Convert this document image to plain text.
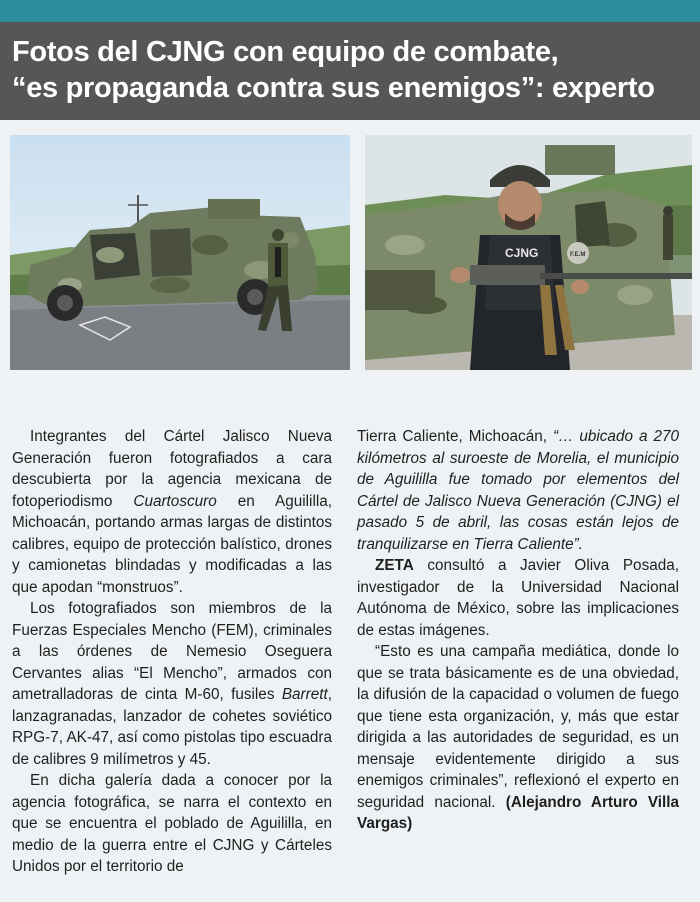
Fotos del CJNG con equipo de combate,
“es propaganda contra sus enemigos”: experto
CJNG	F.E.M

Integrantes del Cártel Jalisco Nueva Generación fueron fotografiados a cara descubierta por la agencia mexicana de fotoperiodismo Cuartoscuro en Aguililla, Michoacán, portando armas largas de distintos calibres, equipo de protección balístico, drones y camionetas blindadas y modificadas a las que apodan “monstruos”.

Los fotografiados son miembros de la Fuerzas Especiales Mencho (FEM), criminales a las órdenes de Nemesio Oseguera Cervantes alias “El Mencho”, armados con ametralladoras de cinta M-60, fusiles Barrett, lanzagranadas, lanzador de cohetes soviético RPG-7, AK-47, así como pistolas tipo escuadra de calibres 9 milímetros y 45.

En dicha galería dada a conocer por la agencia fotográfica, se narra el contexto en que se encuentra el poblado de Aguililla, en medio de la guerra entre el CJNG y Cárteles Unidos por el territorio de

Tierra Caliente, Michoacán, “… ubicado a 270 kilómetros al suroeste de Morelia, el municipio de Aguililla fue tomado por elementos del Cártel de Jalisco Nueva Generación (CJNG) el pasado 5 de abril, las cosas están lejos de tranquilizarse en Tierra Caliente”.

ZETA consultó a Javier Oliva Posada, investigador de la Universidad Nacional Autónoma de México, sobre las implicaciones de estas imágenes.

“Esto es una campaña mediática, donde lo que se trata básicamente es de una obviedad, la difusión de la capacidad o volumen de fuego que tiene esta organización, y, más que estar dirigida a las autoridades de seguridad, es un mensaje evidentemente dirigido a sus enemigos criminales”, reflexionó el experto en seguridad nacional. (Alejandro Arturo Villa Vargas)
